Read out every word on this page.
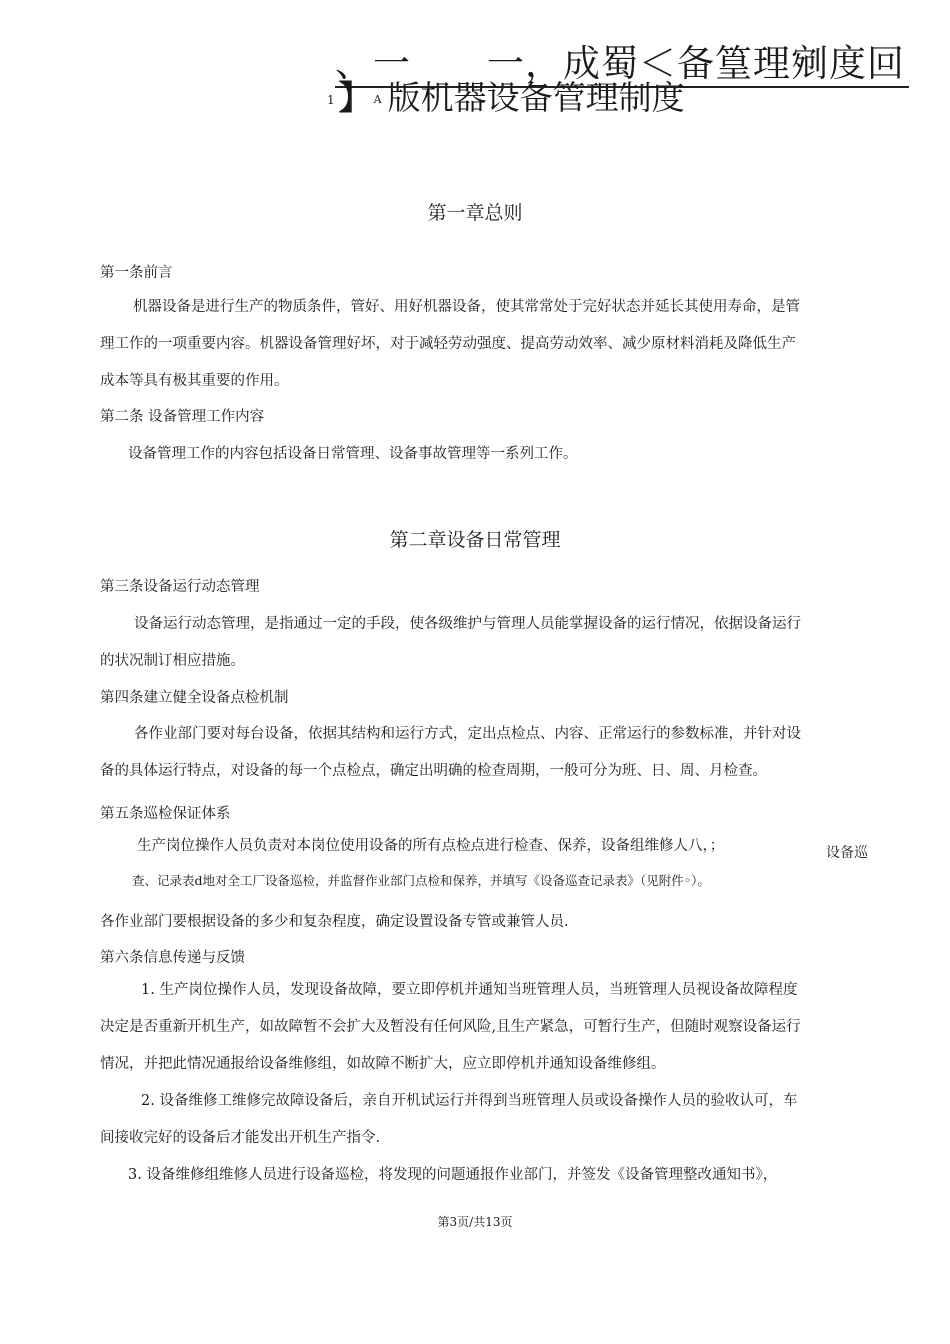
、一　　一，成蜀＜备篁理剜度回
1 】 A 版机器设备管理制度
第一章总则
第一条前言
机器设备是进行生产的物质条件，管好、用好机器设备，使其常常处于完好状态并延长其使用寿命，是管
理工作的一项重要内容。机器设备管理好坏，对于减轻劳动强度、提高劳动效率、减少原材料消耗及降低生产
成本等具有极其重要的作用。
第二条 设备管理工作内容
设备管理工作的内容包括设备日常管理、设备事故管理等一系列工作。
第二章设备日常管理
第三条设备运行动态管理
设备运行动态管理，是指通过一定的手段，使各级维护与管理人员能掌握设备的运行情况，依据设备运行
的状况制订相应措施。
第四条建立健全设备点检机制
各作业部门要对每台设备，依据其结构和运行方式，定出点检点、内容、正常运行的参数标准，并针对设
备的具体运行特点，对设备的每一个点检点，确定出明确的检查周期，一般可分为班、日、周、月检查。
第五条巡检保证体系
生产岗位操作人员负责对本岗位使用设备的所有点检点进行检查、保养，设备组维修人八，；	设备巡
查、记录表d地对全工厂设备巡检，并监督作业部门点检和保养，并填写《设备巡查记录表》（见附件◦）。
各作业部门要根据设备的多少和复杂程度，确定设置设备专管或兼管人员.
第六条信息传递与反馈
1. 生产岗位操作人员，发现设备故障，要立即停机并通知当班管理人员，当班管理人员视设备故障程度
决定是否重新开机生产，如故障暂不会扩大及暂没有任何风险,且生产紧急，可暂行生产，但随时观察设备运行
情况，并把此情况通报给设备维修组，如故障不断扩大，应立即停机并通知设备维修组。
2. 设备维修工维修完故障设备后，亲自开机试运行并得到当班管理人员或设备操作人员的验收认可，车
间接收完好的设备后才能发出开机生产指令.
3. 设备维修组维修人员进行设备巡检，将发现的问题通报作业部门，并签发《设备管理整改通知书》，
第3页/共13页
